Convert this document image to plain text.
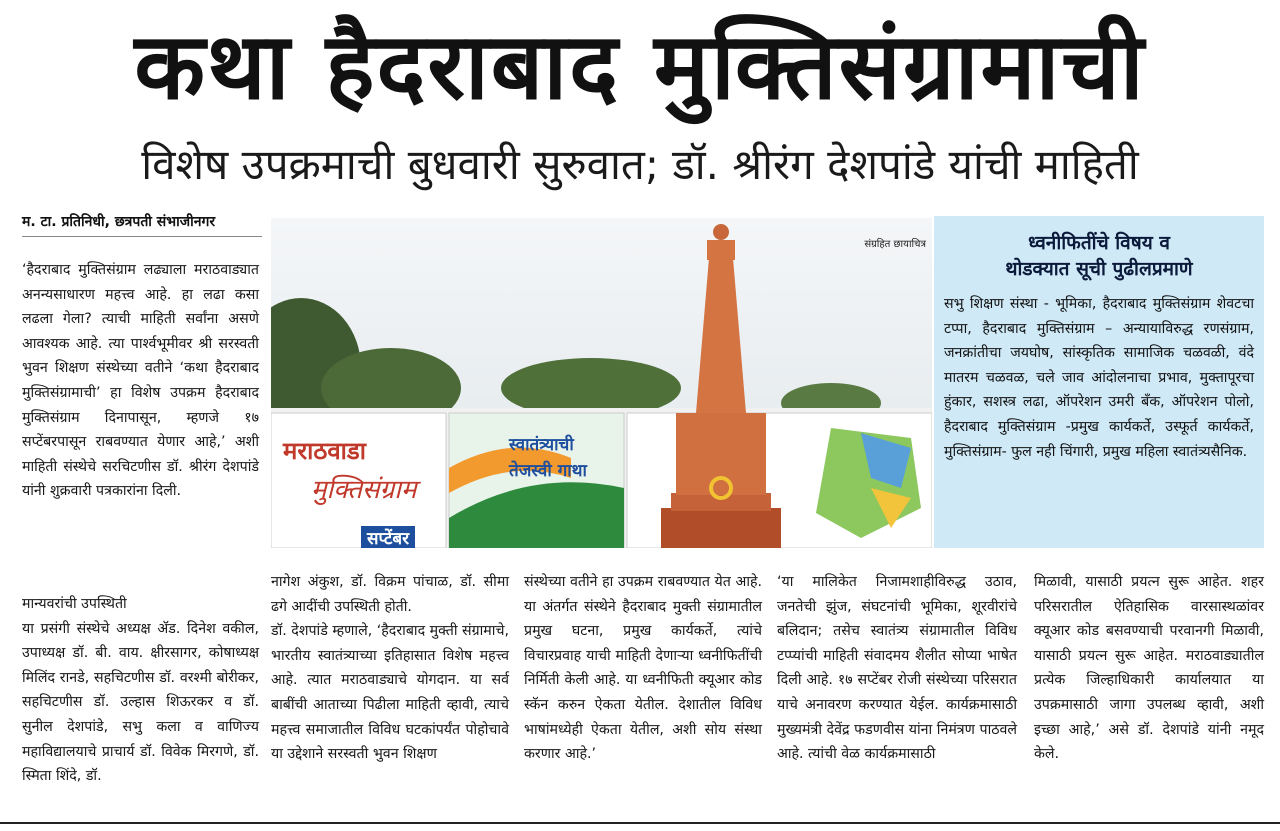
कथा हैदराबाद मुक्तिसंग्रामाची
विशेष उपक्रमाची बुधवारी सुरुवात; डॉ. श्रीरंग देशपांडे यांची माहिती
म. टा. प्रतिनिधी, छत्रपती संभाजीनगर

‘हैदराबाद मुक्तिसंग्राम लढ्याला मराठवाड्यात अनन्यसाधारण महत्त्व आहे. हा लढा कसा लढला गेला? त्याची माहिती सर्वांना असणे आवश्यक आहे. त्या पार्श्वभूमीवर श्री सरस्वती भुवन शिक्षण संस्थेच्या वतीने ‘कथा हैदराबाद मुक्तिसंग्रामाची’ हा विशेष उपक्रम हैदराबाद मुक्तिसंग्राम दिनापासून, म्हणजे १७ सप्टेंबरपासून राबवण्यात येणार आहे,’ अशी माहिती संस्थेचे सरचिटणीस डॉ. श्रीरंग देशपांडे यांनी शुक्रवारी पत्रकारांना दिली.

मान्यवरांची उपस्थिती

या प्रसंगी संस्थेचे अध्यक्ष ॲड. दिनेश वकील, उपाध्यक्ष डॉ. बी. वाय. क्षीरसागर, कोषाध्यक्ष मिलिंद रानडे, सहचिटणीस डॉ. वरश्मी बोरीकर, सहचिटणीस डॉ. उल्हास शिऊरकर व डॉ. सुनील देशपांडे, सभु कला व वाणिज्य महाविद्यालयाचे प्राचार्य डॉ. विवेक मिरगणे, डॉ. स्मिता शिंदे, डॉ.

संग्रहित छायाचित्र
मराठवाडा
मुक्तिसंग्राम
सप्टेंबर
स्वातंत्र्याची
तेजस्वी गाथा
ध्वनीफितींचे विषय व
थोडक्यात सूची पुढीलप्रमाणे
सभु शिक्षण संस्था - भूमिका, हैदराबाद मुक्तिसंग्राम शेवटचा टप्पा, हैदराबाद मुक्तिसंग्राम – अन्यायाविरुद्ध रणसंग्राम, जनक्रांतीचा जयघोष, सांस्कृतिक सामाजिक चळवळी, वंदे मातरम चळवळ, चले जाव आंदोलनाचा प्रभाव, मुक्तापूरचा हुंकार, सशस्त्र लढा, ऑपरेशन उमरी बँक, ऑपरेशन पोलो, हैदराबाद मुक्तिसंग्राम -प्रमुख कार्यकर्ते, उस्फूर्त कार्यकर्ते, मुक्तिसंग्राम- फुल नही चिंगारी, प्रमुख महिला स्वातंत्र्यसैनिक.

नागेश अंकुश, डॉ. विक्रम पांचाळ, डॉ. सीमा ढगे आदींची उपस्थिती होती.

डॉ. देशपांडे म्हणाले, ‘हैदराबाद मुक्ती संग्रामाचे, भारतीय स्वातंत्र्याच्या इतिहासात विशेष महत्त्व आहे. त्यात मराठवाड्याचे योगदान. या सर्व बाबींची आताच्या पिढीला माहिती व्हावी, त्याचे महत्त्व समाजातील विविध घटकांपर्यंत पोहोचावे या उद्देशाने सरस्वती भुवन शिक्षण

संस्थेच्या वतीने हा उपक्रम राबवण्यात येत आहे. या अंतर्गत संस्थेने हैदराबाद मुक्ती संग्रामातील प्रमुख घटना, प्रमुख कार्यकर्ते, त्यांचे विचारप्रवाह याची माहिती देणाऱ्या ध्वनीफितींची निर्मिती केली आहे. या ध्वनीफिती क्यूआर कोड स्कॅन करुन ऐकता येतील. देशातील विविध भाषांमध्येही ऐकता येतील, अशी सोय संस्था करणार आहे.’

‘या मालिकेत निजामशाहीविरुद्ध उठाव, जनतेची झुंज, संघटनांची भूमिका, शूरवीरांचे बलिदान; तसेच स्वातंत्र्य संग्रामातील विविध टप्प्यांची माहिती संवादमय शैलीत सोप्या भाषेत दिली आहे. १७ सप्टेंबर रोजी संस्थेच्या परिसरात याचे अनावरण करण्यात येईल. कार्यक्रमासाठी मुख्यमंत्री देवेंद्र फडणवीस यांना निमंत्रण पाठवले आहे. त्यांची वेळ कार्यक्रमासाठी

मिळावी, यासाठी प्रयत्न सुरू आहेत. शहर परिसरातील ऐतिहासिक वारसास्थळांवर क्यूआर कोड बसवण्याची परवानगी मिळावी, यासाठी प्रयत्न सुरू आहेत. मराठवाड्यातील प्रत्येक जिल्हाधिकारी कार्यालयात या उपक्रमासाठी जागा उपलब्ध व्हावी, अशी इच्छा आहे,’ असे डॉ. देशपांडे यांनी नमूद केले.
